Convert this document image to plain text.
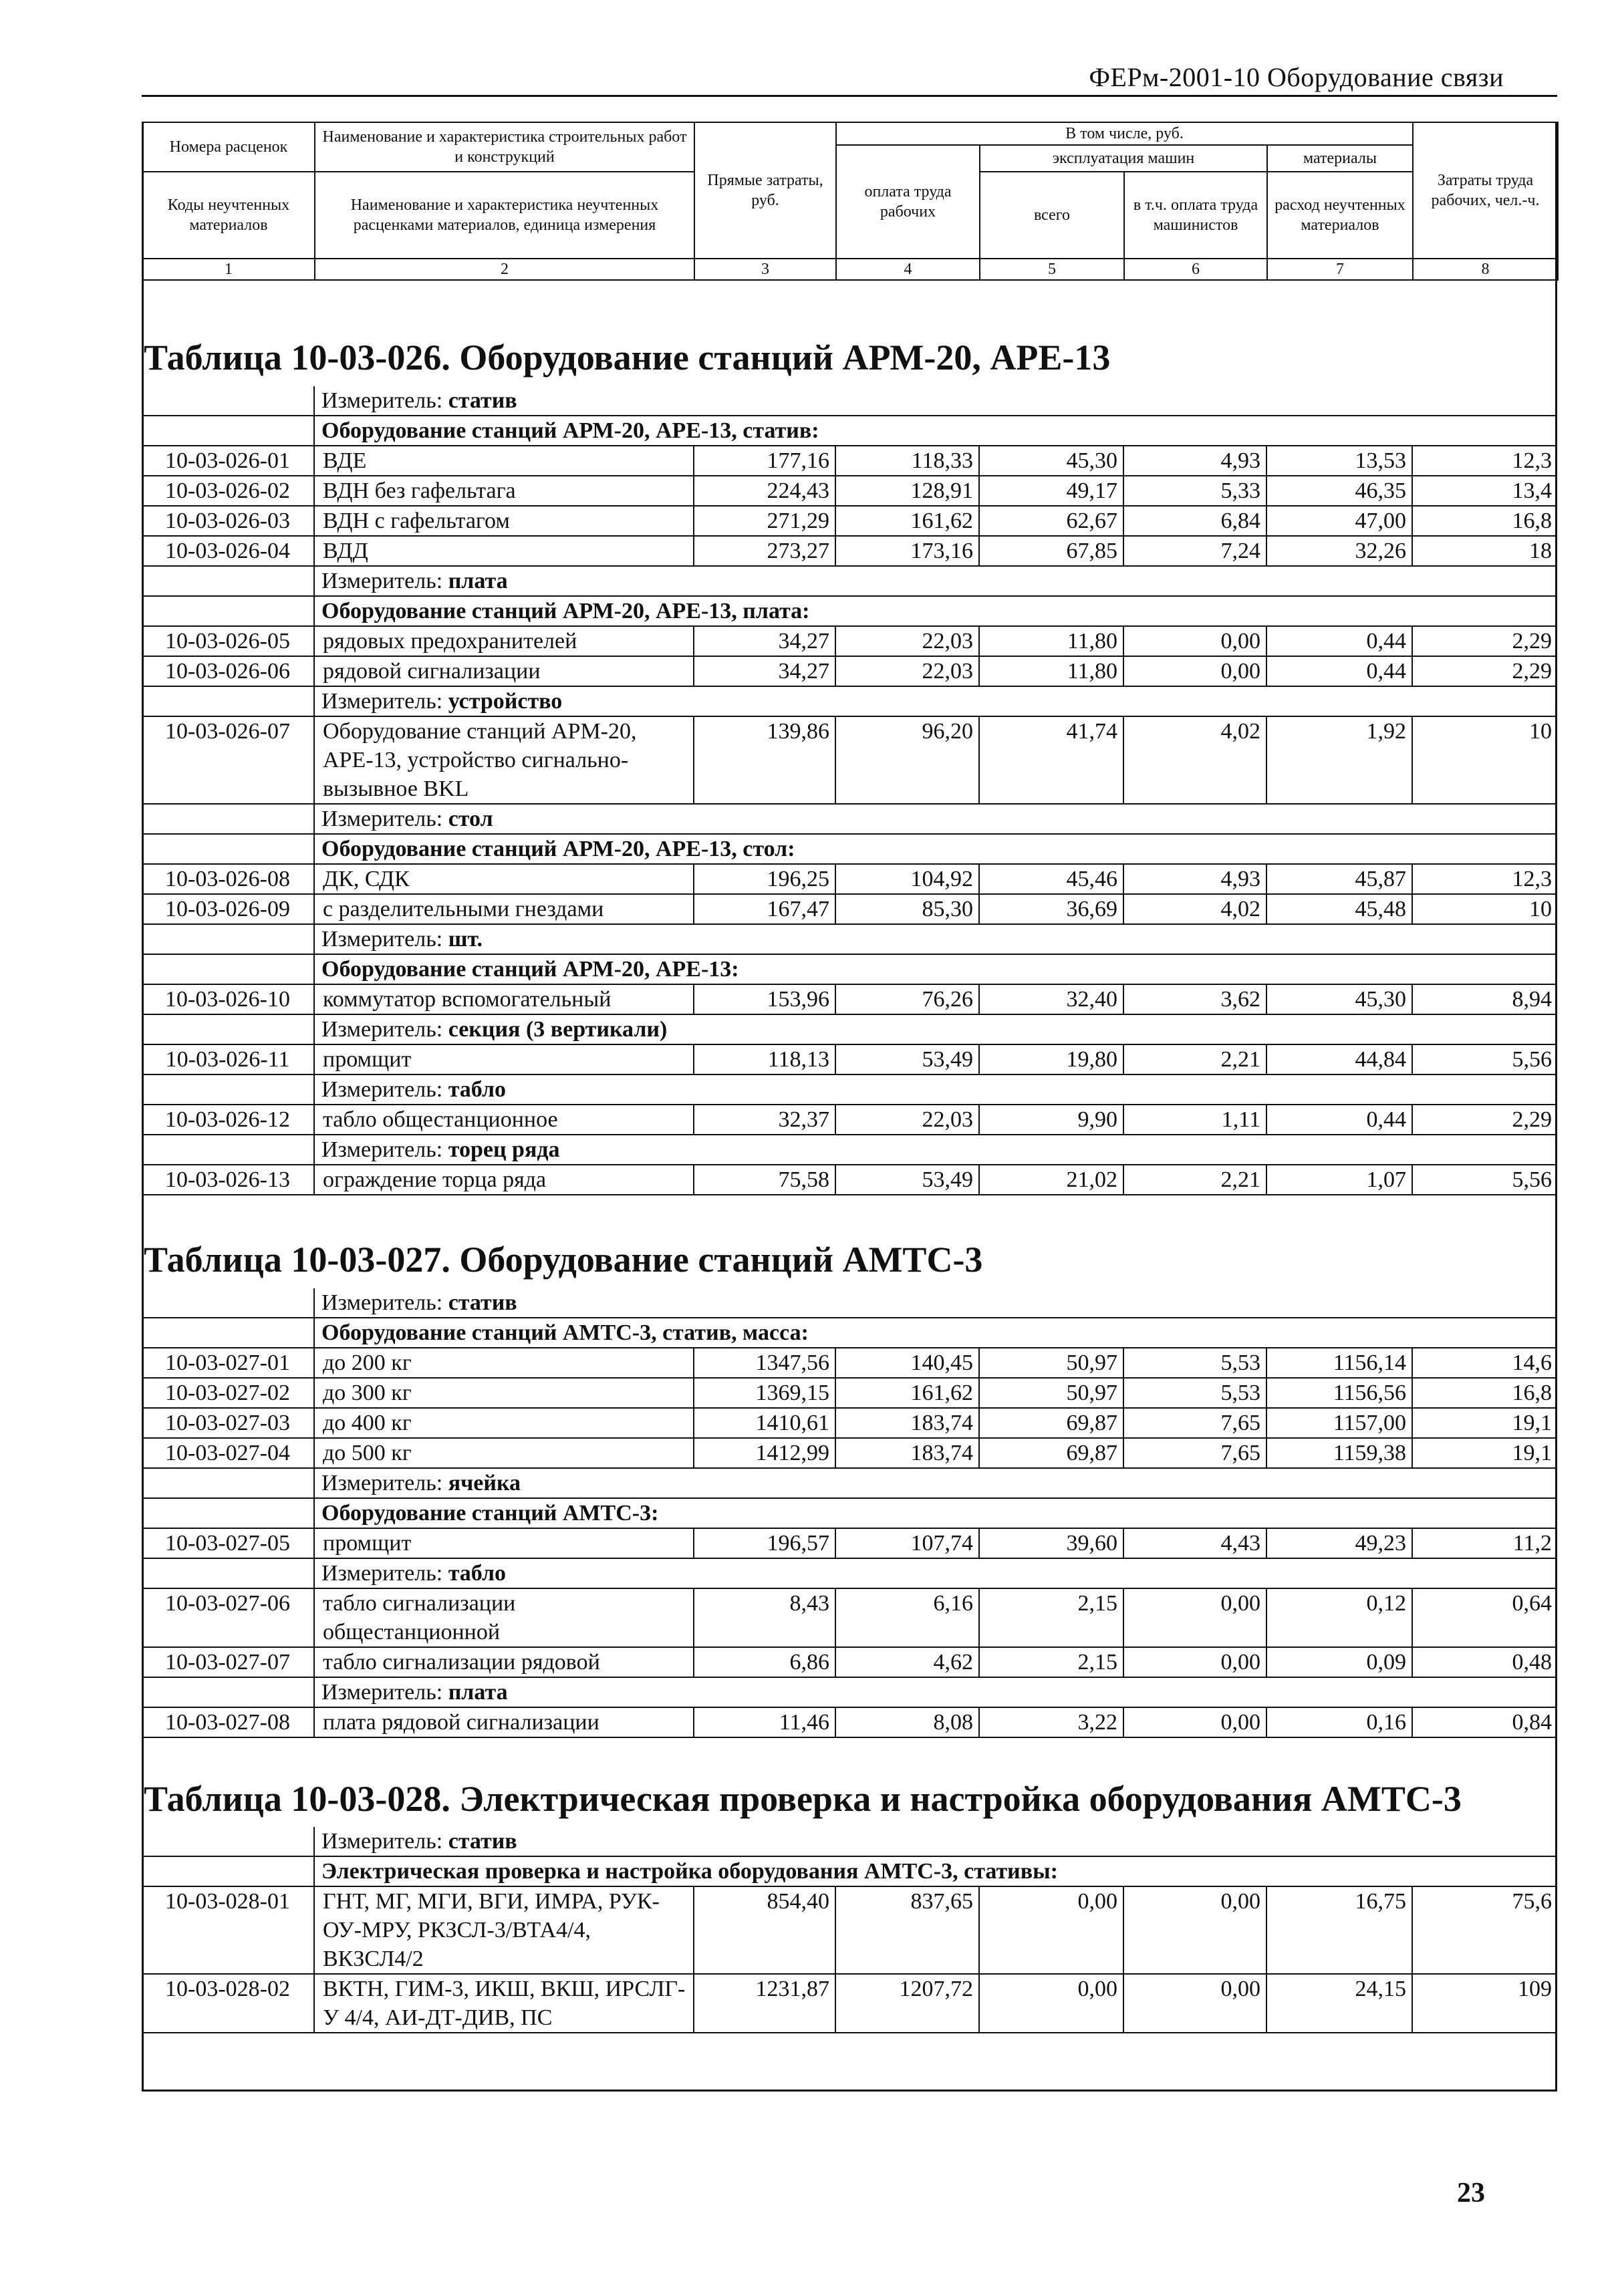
ФЕРм-2001-10 Оборудование связи
Номера расценок	Наименование и характеристика строительных работ и конструкций	Прямые затраты, руб.	В том числе, руб.				Затраты труда рабочих, чел.-ч.
			оплата труда рабочих	эксплуатация машин		материалы	
Коды неучтенных материалов	Наименование и характеристика неучтенных расценками материалов, единица измерения			всего	в т.ч. оплата труда машинистов	расход неучтенных материалов	

1	2	3	4	5	6	7	8
Таблица 10-03-026. Оборудование станций АРМ-20, АРЕ-13
	Измеритель: статив						
	Оборудование станций АРМ-20, АРЕ-13, статив:						
10-03-026-01	ВДЕ	177,16	118,33	45,30	4,93	13,53	12,3
10-03-026-02	ВДН без гафельтага	224,43	128,91	49,17	5,33	46,35	13,4
10-03-026-03	ВДН с гафельтагом	271,29	161,62	62,67	6,84	47,00	16,8
10-03-026-04	ВДД	273,27	173,16	67,85	7,24	32,26	18
	Измеритель: плата						
	Оборудование станций АРМ-20, АРЕ-13, плата:						
10-03-026-05	рядовых предохранителей	34,27	22,03	11,80	0,00	0,44	2,29
10-03-026-06	рядовой сигнализации	34,27	22,03	11,80	0,00	0,44	2,29
	Измеритель: устройство						
10-03-026-07	Оборудование станций АРМ-20, АРЕ-13, устройство сигнально-вызывное BKL	139,86	96,20	41,74	4,02	1,92	10
	Измеритель: стол						
	Оборудование станций АРМ-20, АРЕ-13, стол:						
10-03-026-08	ДК, СДК	196,25	104,92	45,46	4,93	45,87	12,3
10-03-026-09	с разделительными гнездами	167,47	85,30	36,69	4,02	45,48	10
	Измеритель: шт.						
	Оборудование станций АРМ-20, АРЕ-13:						
10-03-026-10	коммутатор вспомогательный	153,96	76,26	32,40	3,62	45,30	8,94
	Измеритель: секция (3 вертикали)						
10-03-026-11	промщит	118,13	53,49	19,80	2,21	44,84	5,56
	Измеритель: табло						
10-03-026-12	табло общестанционное	32,37	22,03	9,90	1,11	0,44	2,29
	Измеритель: торец ряда						
10-03-026-13	ограждение торца ряда	75,58	53,49	21,02	2,21	1,07	5,56
Таблица 10-03-027. Оборудование станций АМТС-3
	Измеритель: статив						
	Оборудование станций АМТС-3, статив, масса:						
10-03-027-01	до 200 кг	1347,56	140,45	50,97	5,53	1156,14	14,6
10-03-027-02	до 300 кг	1369,15	161,62	50,97	5,53	1156,56	16,8
10-03-027-03	до 400 кг	1410,61	183,74	69,87	7,65	1157,00	19,1
10-03-027-04	до 500 кг	1412,99	183,74	69,87	7,65	1159,38	19,1
	Измеритель: ячейка						
	Оборудование станций АМТС-3:						
10-03-027-05	промщит	196,57	107,74	39,60	4,43	49,23	11,2
	Измеритель: табло						
10-03-027-06	табло сигнализации общестанционной	8,43	6,16	2,15	0,00	0,12	0,64
10-03-027-07	табло сигнализации рядовой	6,86	4,62	2,15	0,00	0,09	0,48
	Измеритель: плата						
10-03-027-08	плата рядовой сигнализации	11,46	8,08	3,22	0,00	0,16	0,84
Таблица 10-03-028. Электрическая проверка и настройка оборудования АМТС-3
	Измеритель: статив						
	Электрическая проверка и настройка оборудования АМТС-3, стативы:						
10-03-028-01	ГНТ, МГ, МГИ, ВГИ, ИМРА, РУК-ОУ-МРУ, РКЗСЛ-3/ВТА4/4, ВКЗСЛ4/2	854,40	837,65	0,00	0,00	16,75	75,6
10-03-028-02	ВКТН, ГИМ-3, ИКШ, ВКШ, ИРСЛГ-У 4/4, АИ-ДТ-ДИВ, ПС	1231,87	1207,72	0,00	0,00	24,15	109
23
